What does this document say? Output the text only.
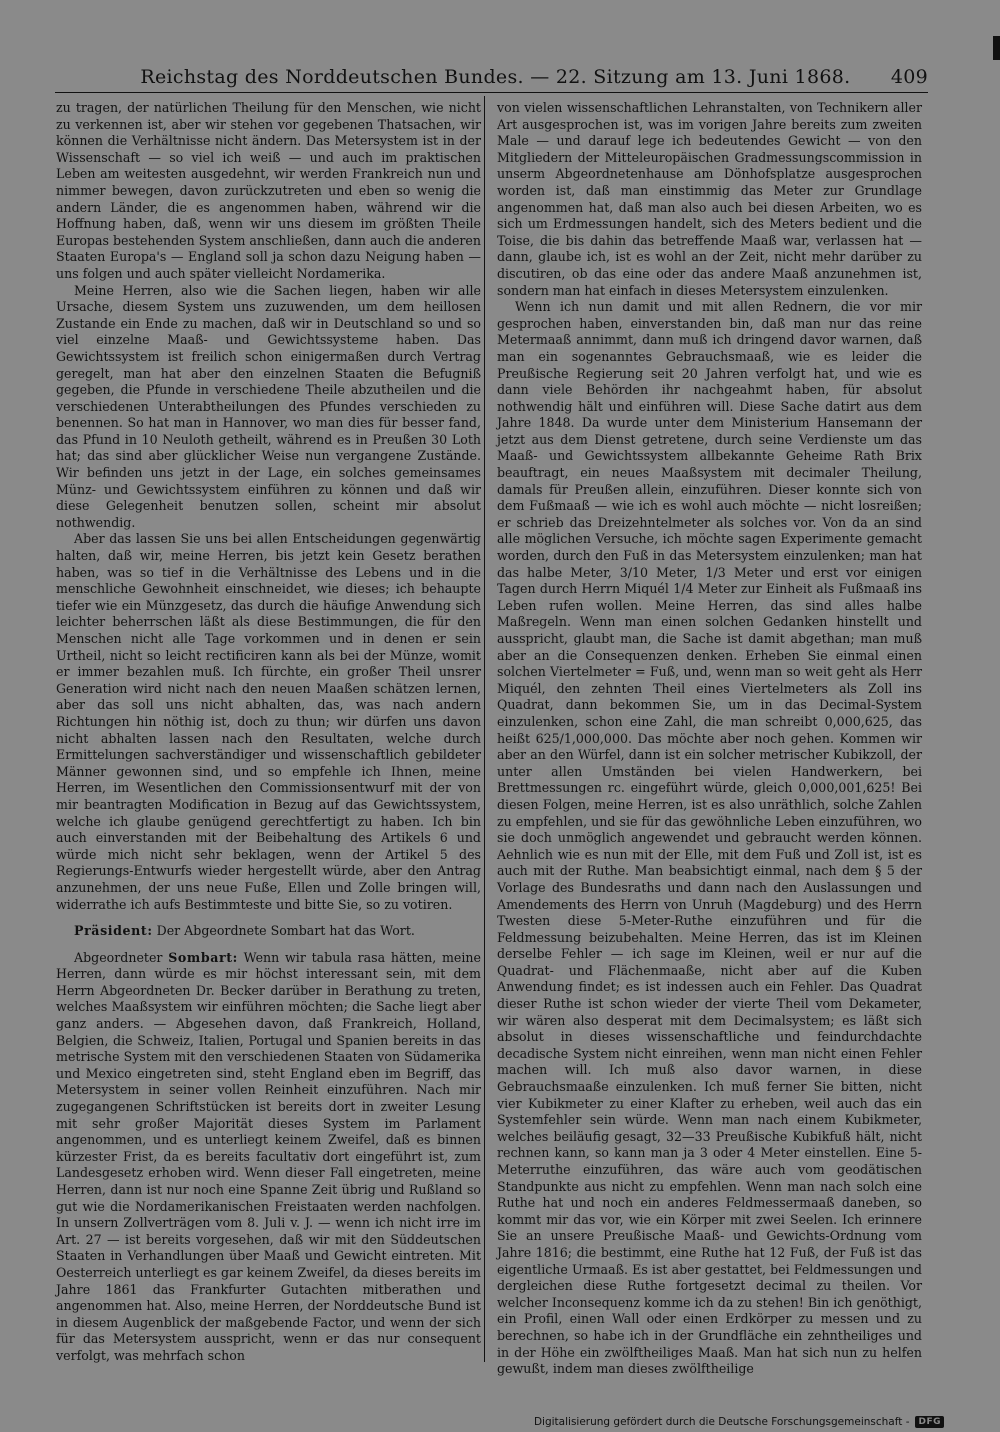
Reichstag des Norddeutschen Bundes. — 22. Sitzung am 13. Juni 1868. 409

zu tragen, der natürlichen Theilung für den Menschen, wie nicht zu verkennen ist, aber wir stehen vor gegebenen Thatsachen, wir können die Verhältnisse nicht ändern. Das Metersystem ist in der Wissenschaft — so viel ich weiß — und auch im praktischen Leben am weitesten ausgedehnt, wir werden Frankreich nun und nimmer bewegen, davon zurückzutreten und eben so wenig die andern Länder, die es angenommen haben, während wir die Hoffnung haben, daß, wenn wir uns diesem im größten Theile Europas bestehenden System anschließen, dann auch die anderen Staaten Europa's — England soll ja schon dazu Neigung haben — uns folgen und auch später vielleicht Nordamerika.

Meine Herren, also wie die Sachen liegen, haben wir alle Ursache, diesem System uns zuzuwenden, um dem heillosen Zustande ein Ende zu machen, daß wir in Deutschland so und so viel einzelne Maaß- und Gewichtssysteme haben. Das Gewichtssystem ist freilich schon einigermaßen durch Vertrag geregelt, man hat aber den einzelnen Staaten die Befugniß gegeben, die Pfunde in verschiedene Theile abzutheilen und die verschiedenen Unterabtheilungen des Pfundes verschieden zu benennen. So hat man in Hannover, wo man dies für besser fand, das Pfund in 10 Neuloth getheilt, während es in Preußen 30 Loth hat; das sind aber glücklicher Weise nun vergangene Zustände. Wir befinden uns jetzt in der Lage, ein solches gemeinsames Münz- und Gewichtssystem einführen zu können und daß wir diese Gelegenheit benutzen sollen, scheint mir absolut nothwendig.

Aber das lassen Sie uns bei allen Entscheidungen gegenwärtig halten, daß wir, meine Herren, bis jetzt kein Gesetz berathen haben, was so tief in die Verhältnisse des Lebens und in die menschliche Gewohnheit einschneidet, wie dieses; ich behaupte tiefer wie ein Münzgesetz, das durch die häufige Anwendung sich leichter beherrschen läßt als diese Bestimmungen, die für den Menschen nicht alle Tage vorkommen und in denen er sein Urtheil, nicht so leicht rectificiren kann als bei der Münze, womit er immer bezahlen muß. Ich fürchte, ein großer Theil unsrer Generation wird nicht nach den neuen Maaßen schätzen lernen, aber das soll uns nicht abhalten, das, was nach andern Richtungen hin nöthig ist, doch zu thun; wir dürfen uns davon nicht abhalten lassen nach den Resultaten, welche durch Ermittelungen sachverständiger und wissenschaftlich gebildeter Männer gewonnen sind, und so empfehle ich Ihnen, meine Herren, im Wesentlichen den Commissionsentwurf mit der von mir beantragten Modification in Bezug auf das Gewichtssystem, welche ich glaube genügend gerechtfertigt zu haben. Ich bin auch einverstanden mit der Beibehaltung des Artikels 6 und würde mich nicht sehr beklagen, wenn der Artikel 5 des Regierungs-Entwurfs wieder hergestellt würde, aber den Antrag anzunehmen, der uns neue Fuße, Ellen und Zolle bringen will, widerrathe ich aufs Bestimmteste und bitte Sie, so zu votiren.

Präsident: Der Abgeordnete Sombart hat das Wort.

Abgeordneter Sombart: Wenn wir tabula rasa hätten, meine Herren, dann würde es mir höchst interessant sein, mit dem Herrn Abgeordneten Dr. Becker darüber in Berathung zu treten, welches Maaßsystem wir einführen möchten; die Sache liegt aber ganz anders. — Abgesehen davon, daß Frankreich, Holland, Belgien, die Schweiz, Italien, Portugal und Spanien bereits in das metrische System mit den verschiedenen Staaten von Südamerika und Mexico eingetreten sind, steht England eben im Begriff, das Metersystem in seiner vollen Reinheit einzuführen. Nach mir zugegangenen Schriftstücken ist bereits dort in zweiter Lesung mit sehr großer Majorität dieses System im Parlament angenommen, und es unterliegt keinem Zweifel, daß es binnen kürzester Frist, da es bereits facultativ dort eingeführt ist, zum Landesgesetz erhoben wird. Wenn dieser Fall eingetreten, meine Herren, dann ist nur noch eine Spanne Zeit übrig und Rußland so gut wie die Nordamerikanischen Freistaaten werden nachfolgen. In unsern Zollverträgen vom 8. Juli v. J. — wenn ich nicht irre im Art. 27 — ist bereits vorgesehen, daß wir mit den Süddeutschen Staaten in Verhandlungen über Maaß und Gewicht eintreten. Mit Oesterreich unterliegt es gar keinem Zweifel, da dieses bereits im Jahre 1861 das Frankfurter Gutachten mitberathen und angenommen hat. Also, meine Herren, der Norddeutsche Bund ist in diesem Augenblick der maßgebende Factor, und wenn der sich für das Metersystem ausspricht, wenn er das nur consequent verfolgt, was mehrfach schon

von vielen wissenschaftlichen Lehranstalten, von Technikern aller Art ausgesprochen ist, was im vorigen Jahre bereits zum zweiten Male — und darauf lege ich bedeutendes Gewicht — von den Mitgliedern der Mitteleuropäischen Gradmessungscommission in unserm Abgeordnetenhause am Dönhofsplatze ausgesprochen worden ist, daß man einstimmig das Meter zur Grundlage angenommen hat, daß man also auch bei diesen Arbeiten, wo es sich um Erdmessungen handelt, sich des Meters bedient und die Toise, die bis dahin das betreffende Maaß war, verlassen hat — dann, glaube ich, ist es wohl an der Zeit, nicht mehr darüber zu discutiren, ob das eine oder das andere Maaß anzunehmen ist, sondern man hat einfach in dieses Metersystem einzulenken.

Wenn ich nun damit und mit allen Rednern, die vor mir gesprochen haben, einverstanden bin, daß man nur das reine Metermaaß annimmt, dann muß ich dringend davor warnen, daß man ein sogenanntes Gebrauchsmaaß, wie es leider die Preußische Regierung seit 20 Jahren verfolgt hat, und wie es dann viele Behörden ihr nachgeahmt haben, für absolut nothwendig hält und einführen will. Diese Sache datirt aus dem Jahre 1848. Da wurde unter dem Ministerium Hansemann der jetzt aus dem Dienst getretene, durch seine Verdienste um das Maaß- und Gewichtssystem allbekannte Geheime Rath Brix beauftragt, ein neues Maaßsystem mit decimaler Theilung, damals für Preußen allein, einzuführen. Dieser konnte sich von dem Fußmaaß — wie ich es wohl auch möchte — nicht losreißen; er schrieb das Dreizehntelmeter als solches vor. Von da an sind alle möglichen Versuche, ich möchte sagen Experimente gemacht worden, durch den Fuß in das Metersystem einzulenken; man hat das halbe Meter, 3/10 Meter, 1/3 Meter und erst vor einigen Tagen durch Herrn Miquél 1/4 Meter zur Einheit als Fußmaaß ins Leben rufen wollen. Meine Herren, das sind alles halbe Maßregeln. Wenn man einen solchen Gedanken hinstellt und ausspricht, glaubt man, die Sache ist damit abgethan; man muß aber an die Consequenzen denken. Erheben Sie einmal einen solchen Viertelmeter = Fuß, und, wenn man so weit geht als Herr Miquél, den zehnten Theil eines Viertelmeters als Zoll ins Quadrat, dann bekommen Sie, um in das Decimal-System einzulenken, schon eine Zahl, die man schreibt 0,000,625, das heißt 625/1,000,000. Das möchte aber noch gehen. Kommen wir aber an den Würfel, dann ist ein solcher metrischer Kubikzoll, der unter allen Umständen bei vielen Handwerkern, bei Brettmessungen rc. eingeführt würde, gleich 0,000,001,625! Bei diesen Folgen, meine Herren, ist es also unräthlich, solche Zahlen zu empfehlen, und sie für das gewöhnliche Leben einzuführen, wo sie doch unmöglich angewendet und gebraucht werden können. Aehnlich wie es nun mit der Elle, mit dem Fuß und Zoll ist, ist es auch mit der Ruthe. Man beabsichtigt einmal, nach dem § 5 der Vorlage des Bundesraths und dann nach den Auslassungen und Amendements des Herrn von Unruh (Magdeburg) und des Herrn Twesten diese 5-Meter-Ruthe einzuführen und für die Feldmessung beizubehalten. Meine Herren, das ist im Kleinen derselbe Fehler — ich sage im Kleinen, weil er nur auf die Quadrat- und Flächenmaaße, nicht aber auf die Kuben Anwendung findet; es ist indessen auch ein Fehler. Das Quadrat dieser Ruthe ist schon wieder der vierte Theil vom Dekameter, wir wären also desperat mit dem Decimalsystem; es läßt sich absolut in dieses wissenschaftliche und feindurchdachte decadische System nicht einreihen, wenn man nicht einen Fehler machen will. Ich muß also davor warnen, in diese Gebrauchsmaaße einzulenken. Ich muß ferner Sie bitten, nicht vier Kubikmeter zu einer Klafter zu erheben, weil auch das ein Systemfehler sein würde. Wenn man nach einem Kubikmeter, welches beiläufig gesagt, 32—33 Preußische Kubikfuß hält, nicht rechnen kann, so kann man ja 3 oder 4 Meter einstellen. Eine 5-Meterruthe einzuführen, das wäre auch vom geodätischen Standpunkte aus nicht zu empfehlen. Wenn man nach solch eine Ruthe hat und noch ein anderes Feldmessermaaß daneben, so kommt mir das vor, wie ein Körper mit zwei Seelen. Ich erinnere Sie an unsere Preußische Maaß- und Gewichts-Ordnung vom Jahre 1816; die bestimmt, eine Ruthe hat 12 Fuß, der Fuß ist das eigentliche Urmaaß. Es ist aber gestattet, bei Feldmessungen und dergleichen diese Ruthe fortgesetzt decimal zu theilen. Vor welcher Inconsequenz komme ich da zu stehen! Bin ich genöthigt, ein Profil, einen Wall oder einen Erdkörper zu messen und zu berechnen, so habe ich in der Grundfläche ein zehntheiliges und in der Höhe ein zwölftheiliges Maaß. Man hat sich nun zu helfen gewußt, indem man dieses zwölftheilige

Digitalisierung gefördert durch die Deutsche Forschungsgemeinschaft -	DFG
